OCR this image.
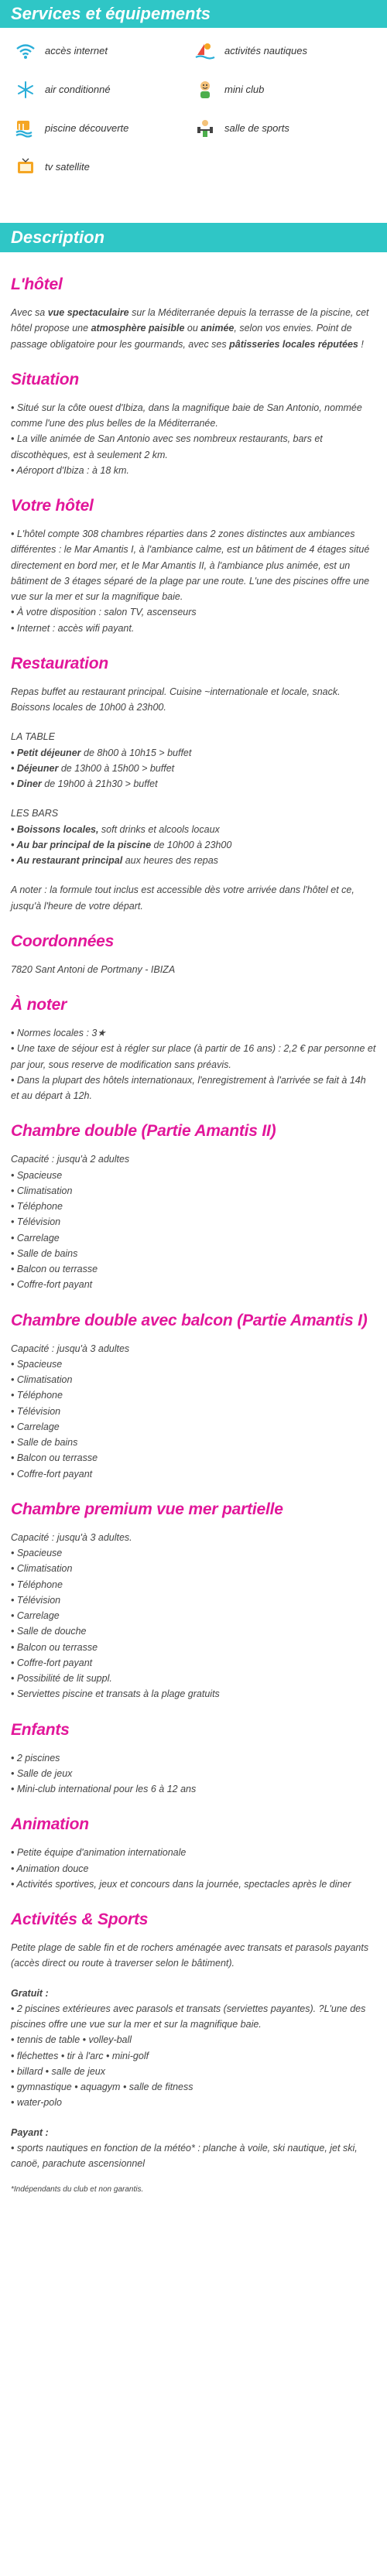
Services et équipements
accès internet	activités nautiques
air conditionné	mini club
piscine découverte	salle de sports
tv satellite
Description
L'hôtel

Avec sa vue spectaculaire sur la Méditerranée depuis la terrasse de la piscine, cet hôtel propose une atmosphère paisible ou animée, selon vos envies. Point de passage obligatoire pour les gourmands, avec ses pâtisseries locales réputées !

Situation

• Situé sur la côte ouest d'Ibiza, dans la magnifique baie de San Antonio, nommée comme l'une des plus belles de la Méditerranée.

• La ville animée de San Antonio avec ses nombreux restaurants, bars et discothèques, est à seulement 2 km.

• Aéroport d'Ibiza : à 18 km.

Votre hôtel

• L'hôtel compte 308 chambres réparties dans 2 zones distinctes aux ambiances différentes : le Mar Amantis I, à l'ambiance calme, est un bâtiment de 4 étages situé directement en bord mer, et le Mar Amantis II, à l'ambiance plus animée, est un bâtiment de 3 étages séparé de la plage par une route. L'une des piscines offre une vue sur la mer et sur la magnifique baie.

• À votre disposition : salon TV, ascenseurs

• Internet : accès wifi payant.

Restauration

Repas buffet au restaurant principal. Cuisine ~internationale et locale, snack. Boissons locales de 10h00 à 23h00.

LA TABLE

• Petit déjeuner de 8h00 à 10h15 > buffet

• Déjeuner de 13h00 à 15h00 > buffet

• Diner de 19h00 à 21h30 > buffet

LES BARS

• Boissons locales, soft drinks et alcools locaux

• Au bar principal de la piscine de 10h00 à 23h00

• Au restaurant principal aux heures des repas

A noter : la formule tout inclus est accessible dès votre arrivée dans l'hôtel et ce, jusqu'à l'heure de votre départ.

Coordonnées

7820 Sant Antoni de Portmany - IBIZA

À noter

• Normes locales : 3★

• Une taxe de séjour est à régler sur place (à partir de 16 ans) : 2,2 € par personne et par jour, sous reserve de modification sans préavis.

• Dans la plupart des hôtels internationaux, l'enregistrement à l'arrivée se fait à 14h et au départ à 12h.

Chambre double (Partie Amantis II)

Capacité : jusqu'à 2 adultes

• Spacieuse

• Climatisation

• Téléphone

• Télévision

• Carrelage

• Salle de bains

• Balcon ou terrasse

• Coffre-fort payant

Chambre double avec balcon (Partie Amantis I)

Capacité : jusqu'à 3 adultes

• Spacieuse

• Climatisation

• Téléphone

• Télévision

• Carrelage

• Salle de bains

• Balcon ou terrasse

• Coffre-fort payant

Chambre premium vue mer partielle

Capacité : jusqu'à 3 adultes.

• Spacieuse

• Climatisation

• Téléphone

• Télévision

• Carrelage

• Salle de douche

• Balcon ou terrasse

• Coffre-fort payant

• Possibilité de lit suppl.

• Serviettes piscine et transats à la plage gratuits

Enfants

• 2 piscines

• Salle de jeux

• Mini-club international pour les 6 à 12 ans

Animation

• Petite équipe d'animation internationale

• Animation douce

• Activités sportives, jeux et concours dans la journée, spectacles après le diner

Activités & Sports

Petite plage de sable fin et de rochers aménagée avec transats et parasols payants (accès direct ou route à traverser selon le bâtiment).

Gratuit :

• 2 piscines extérieures avec parasols et transats (serviettes payantes). ?L'une des piscines offre une vue sur la mer et sur la magnifique baie.

• tennis de table • volley-ball

• fléchettes • tir à l'arc • mini-golf

• billard • salle de jeux

• gymnastique • aquagym • salle de fitness

• water-polo

Payant :

• sports nautiques en fonction de la météo* : planche à voile, ski nautique, jet ski, canoë, parachute ascensionnel

*Indépendants du club et non garantis.
